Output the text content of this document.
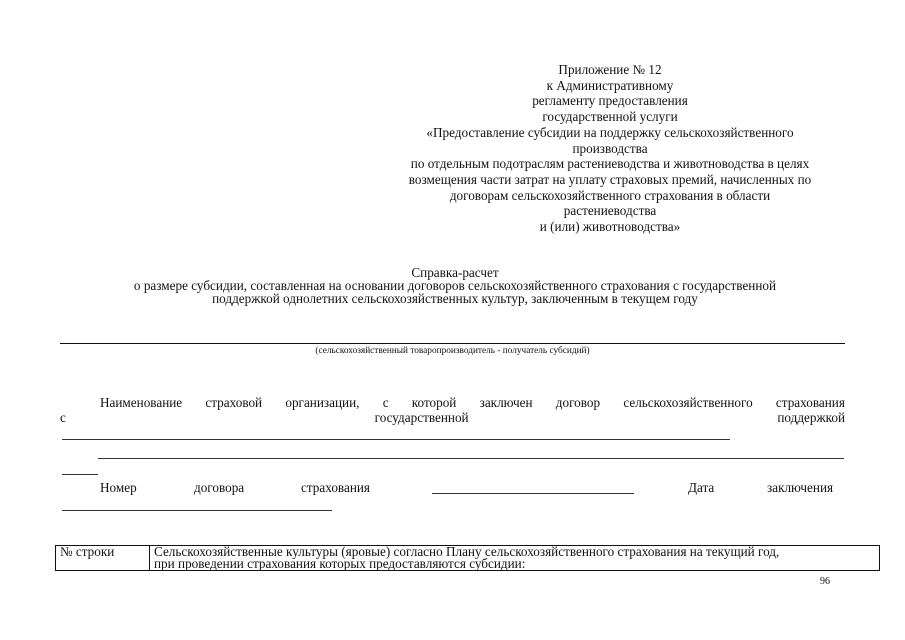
Приложение № 12
к Административному
регламенту предоставления
государственной услуги
«Предоставление субсидии на поддержку сельскохозяйственного
производства
по отдельным подотраслям растениеводства и животноводства в целях
возмещения части затрат на уплату страховых премий, начисленных по
договорам сельскохозяйственного страхования в области
растениеводства
и (или) животноводства»
Справка-расчет
о размере субсидии, составленная на основании договоров сельскохозяйственного страхования с государственной
поддержкой однолетних сельскохозяйственных культур, заключенным в текущем году
(сельскохозяйственный товаропроизводитель - получатель субсидий)
Наименование страховой организации, с которой заключен договор сельскохозяйственного страхования
с	государственной	поддержкой
Номер	договора	страхования	Дата	заключения
№ строки	Сельскохозяйственные культуры (яровые) согласно Плану сельскохозяйственного страхования на текущий год,
при проведении страхования которых предоставляются субсидии:
96
